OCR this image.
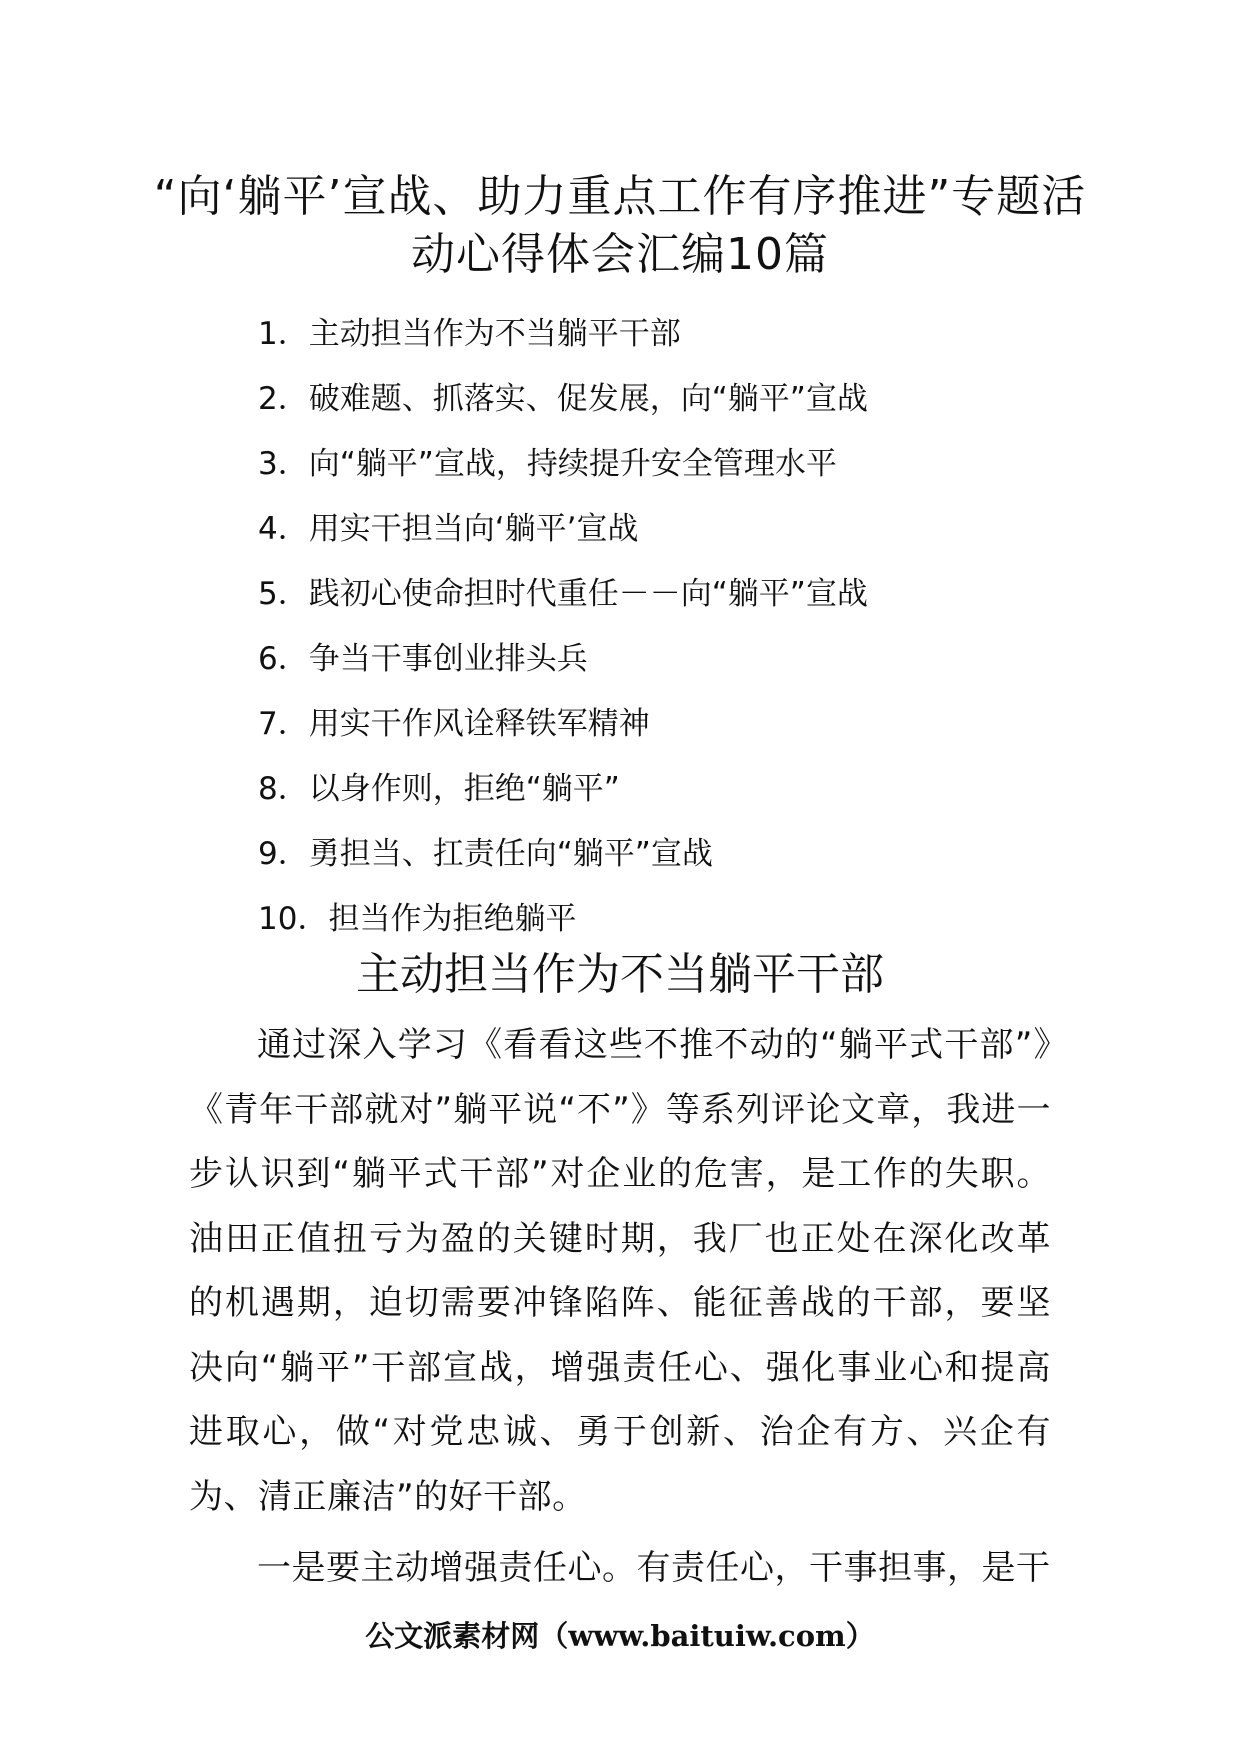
“向‘躺平’宣战、助力重点工作有序推进”专题活动心得体会汇编10篇
1．主动担当作为不当躺平干部
2．破难题、抓落实、促发展，向“躺平”宣战
3．向“躺平”宣战，持续提升安全管理水平
4．用实干担当向‘躺平’宣战
5．践初心使命担时代重任－－向“躺平”宣战
6．争当干事创业排头兵
7．用实干作风诠释铁军精神
8．以身作则，拒绝“躺平”
9．勇担当、扛责任向“躺平”宣战
10．担当作为拒绝躺平
主动担当作为不当躺平干部

通过深入学习《看看这些不推不动的“躺平式干部”》《青年干部就对”躺平说“不”》等系列评论文章，我进一步认识到“躺平式干部”对企业的危害，是工作的失职。油田正值扭亏为盈的关键时期，我厂也正处在深化改革的机遇期，迫切需要冲锋陷阵、能征善战的干部，要坚决向“躺平”干部宣战，增强责任心、强化事业心和提高进取心，做“对党忠诚、勇于创新、治企有方、兴企有为、清正廉洁”的好干部。

一是要主动增强责任心。有责任心，干事担事，是干

公文派素材网（www.baituiw.com）
